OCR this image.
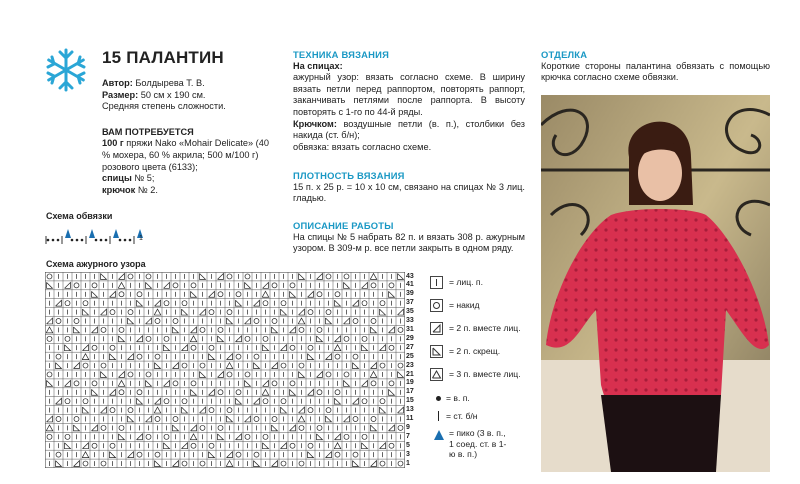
15 ПАЛАНТИН
Автор: Болдырева Т. В.
Размер: 50 см х 190 см.
Средняя степень сложности.
ВАМ ПОТРЕБУЕТСЯ
100 г пряжи Nako «Mohair Delicate» (40 % мохера, 60 % акрила; 500 м/100 г) розового цвета (6133);
спицы № 5;
крючок № 2.
ТЕХНИКА ВЯЗАНИЯ
На спицах:
ажурный узор: вязать согласно схеме. В ширину вязать петли перед раппортом, повторять раппорт, заканчивать петлями после раппорта. В высоту повторять с 1-го по 44-й ряды.
Крючком: воздушные петли (в. п.), столбики без накида (ст. б/н);
обвязка: вязать согласно схеме.
ПЛОТНОСТЬ ВЯЗАНИЯ
15 п. х 25 р. = 10 х 10 см, связано на спицах № 3 лиц. гладью.
ОПИСАНИЕ РАБОТЫ
На спицы № 5 набрать 82 п. и вязать 308 р. ажурным узором. В 309-м р. все петли закрыть в одном ряду.
ОТДЕЛКА
Короткие стороны палантина обвязать с помощью крючка согласно схеме обвязки.
Схема обвязки
1
Схема ажурного узора
43
41
39
37
35
33
31
29
27
25
23
21
19
17
15
13
11
9
7
5
3
1
= лиц. п.
= накид
= 2 п. вместе лиц.
= 2 п. скрещ.
= 3 п. вместе лиц.
= в. п.
= ст. б/н
= пико (3 в. п., 1 соед. ст. в 1-ю в. п.)
